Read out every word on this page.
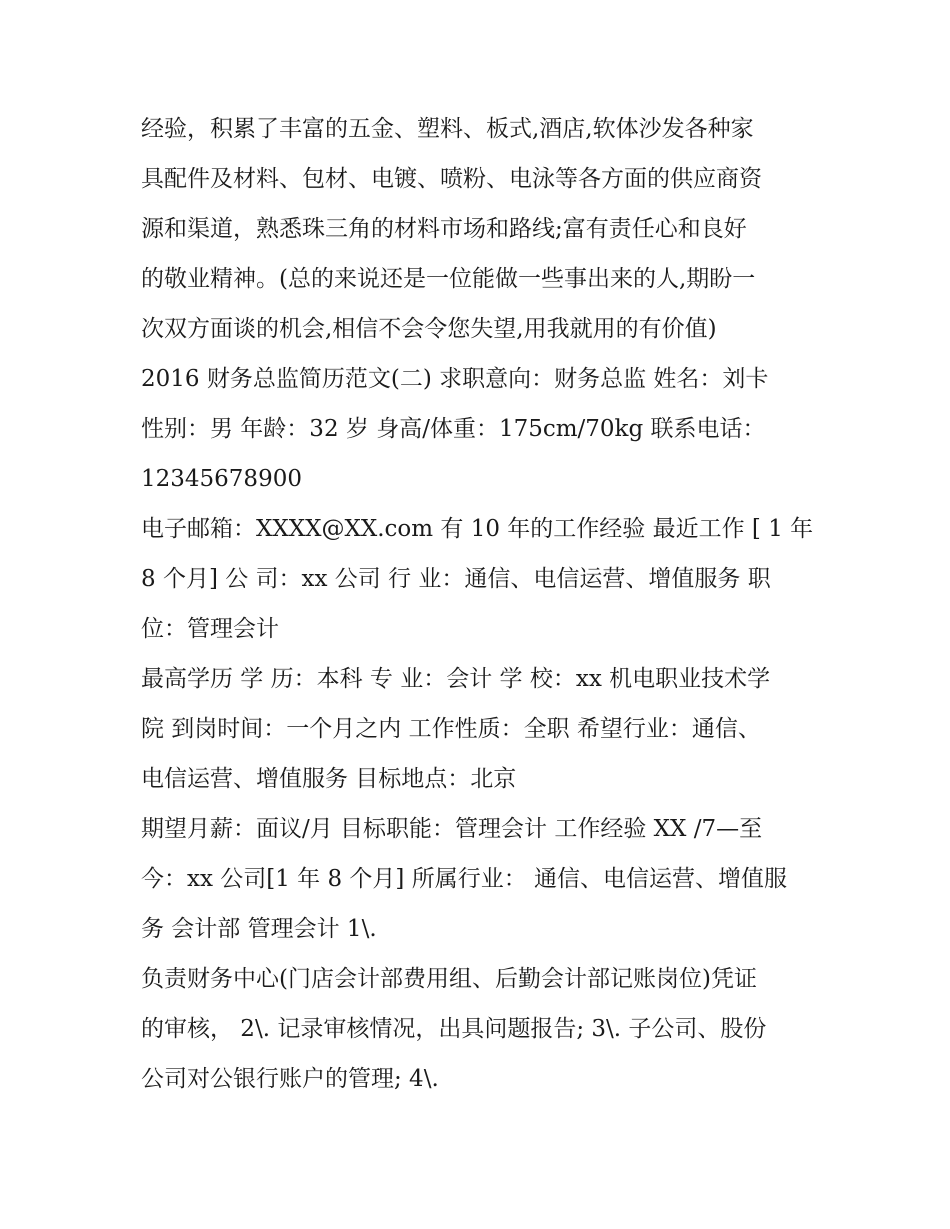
经验，积累了丰富的五金、塑料、板式,酒店,软体沙发各种家
具配件及材料、包材、电镀、喷粉、电泳等各方面的供应商资
源和渠道，熟悉珠三角的材料市场和路线;富有责任心和良好
的敬业精神。(总的来说还是一位能做一些事出来的人,期盼一
次双方面谈的机会,相信不会令您失望,用我就用的有价值)
2016 财务总监简历范文(二) 求职意向：财务总监 姓名：刘卡
性别：男 年龄：32 岁 身高/体重：175cm/70kg 联系电话：
12345678900
电子邮箱：XXXX@XX.com 有 10 年的工作经验 最近工作 [ 1 年
8 个月] 公 司：xx 公司 行 业：通信、电信运营、增值服务 职
位：管理会计
最高学历 学 历：本科 专 业：会计 学 校：xx 机电职业技术学
院 到岗时间：一个月之内 工作性质：全职 希望行业：通信、
电信运营、增值服务 目标地点：北京
期望月薪：面议/月 目标职能：管理会计 工作经验 XX /7—至
今：xx 公司[1 年 8 个月] 所属行业： 通信、电信运营、增值服
务 会计部 管理会计 1\.
负责财务中心(门店会计部费用组、后勤会计部记账岗位)凭证
的审核， 2\. 记录审核情况，出具问题报告; 3\. 子公司、股份
公司对公银行账户的管理; 4\.
